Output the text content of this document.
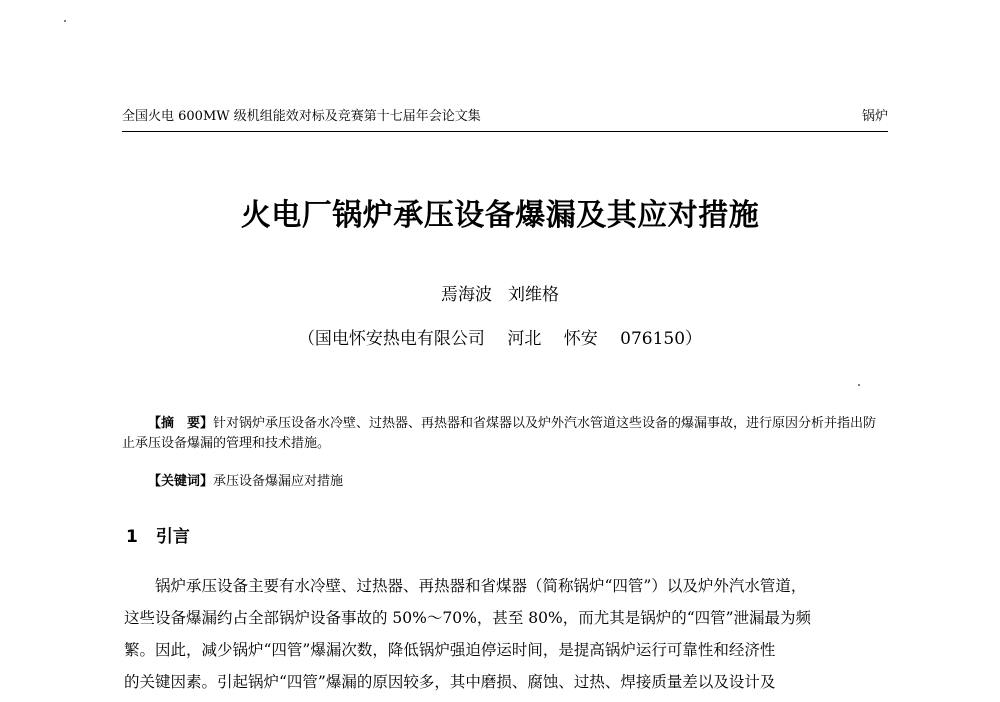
全国火电 600MW 级机组能效对标及竞赛第十七届年会论文集	锅炉
火电厂锅炉承压设备爆漏及其应对措施
焉海波 刘维格
（国电怀安热电有限公司　 河北　 怀安　 076150）
【摘　要】针对锅炉承压设备水冷壁、过热器、再热器和省煤器以及炉外汽水管道这些设备的爆漏事故，进行原因分析并指出防止承压设备爆漏的管理和技术措施。
【关键词】承压设备爆漏应对措施
1 引言
锅炉承压设备主要有水冷壁、过热器、再热器和省煤器（简称锅炉“四管”）以及炉外汽水管道，
这些设备爆漏约占全部锅炉设备事故的 50%～70%，甚至 80%，而尤其是锅炉的“四管”泄漏最为频
繁。因此，减少锅炉“四管”爆漏次数，降低锅炉强迫停运时间，是提高锅炉运行可靠性和经济性
的关键因素。引起锅炉“四管”爆漏的原因较多，其中磨损、腐蚀、过热、焊接质量差以及设计及
